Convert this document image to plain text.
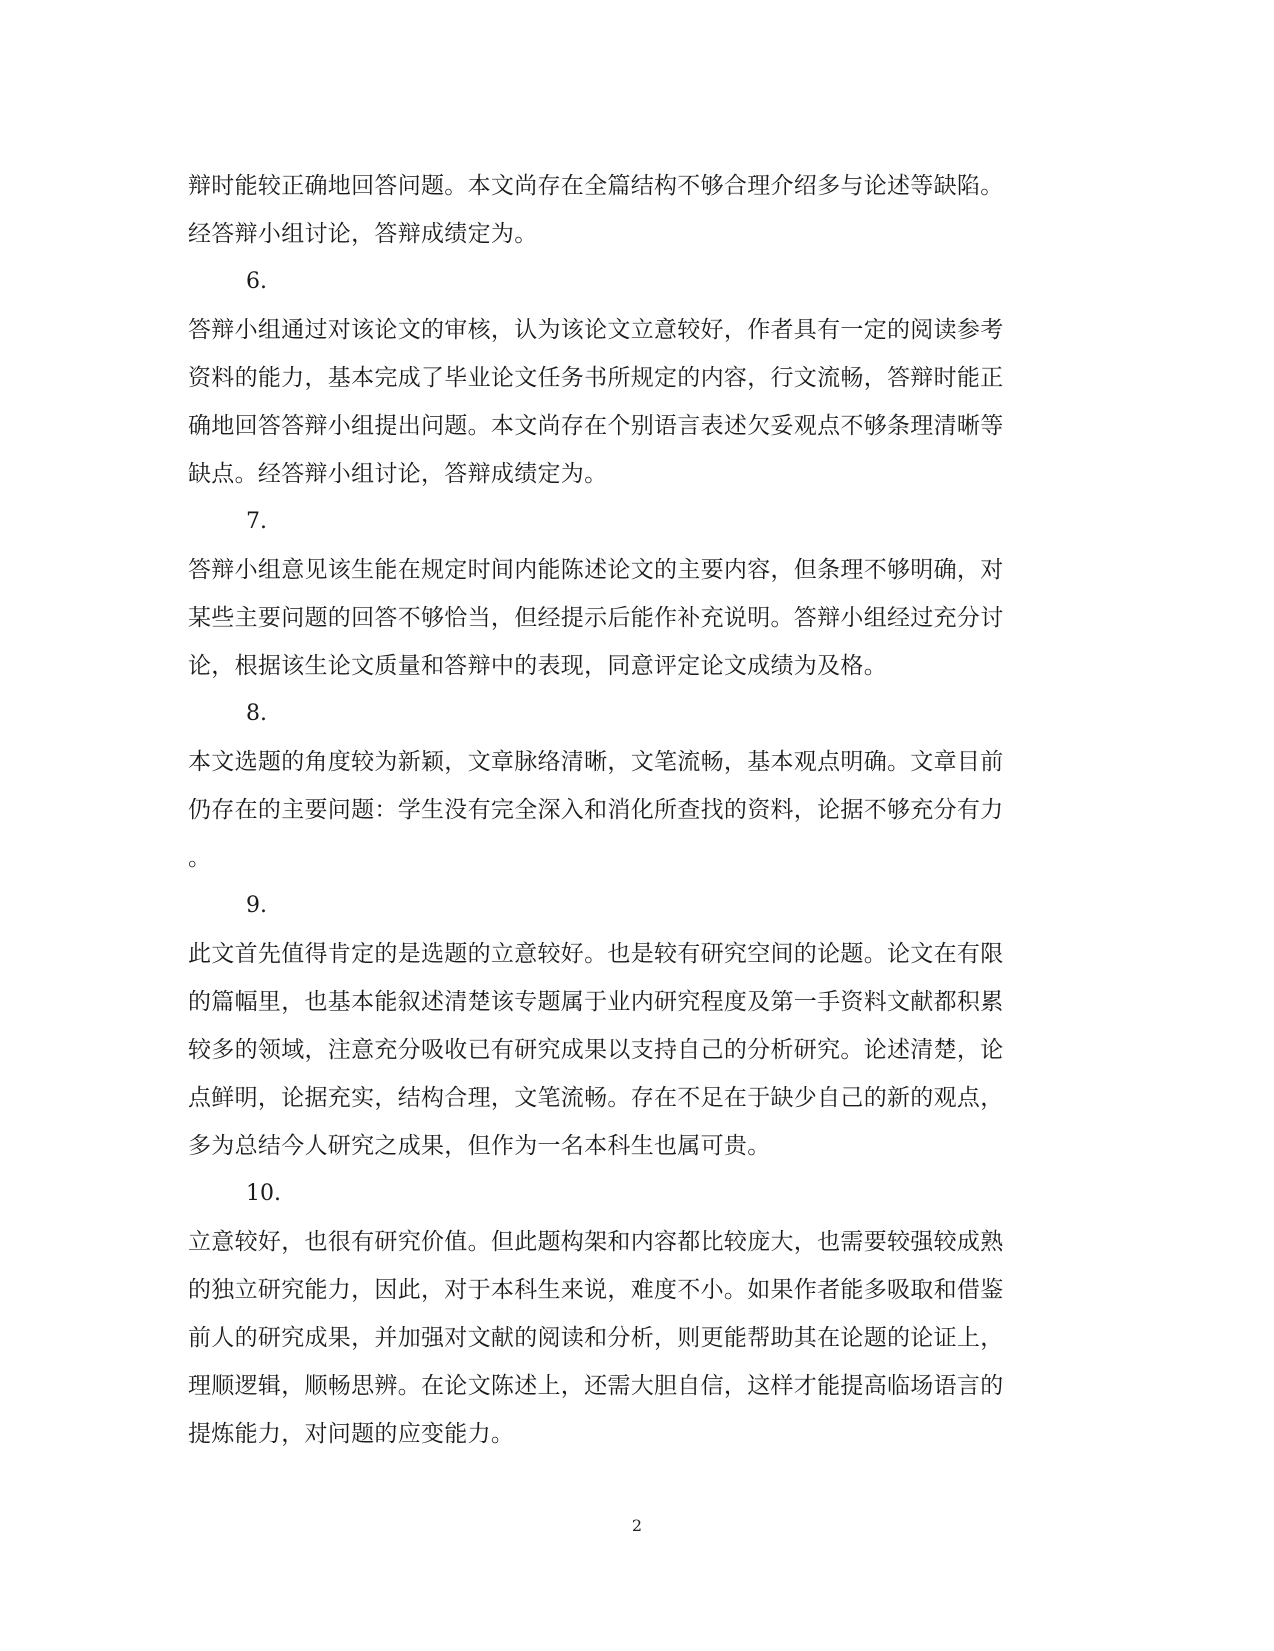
辩时能较正确地回答问题。本文尚存在全篇结构不够合理介绍多与论述等缺陷。
经答辩小组讨论，答辩成绩定为。
6.
答辩小组通过对该论文的审核，认为该论文立意较好，作者具有一定的阅读参考
资料的能力，基本完成了毕业论文任务书所规定的内容，行文流畅，答辩时能正
确地回答答辩小组提出问题。本文尚存在个别语言表述欠妥观点不够条理清晰等
缺点。经答辩小组讨论，答辩成绩定为。
7.
答辩小组意见该生能在规定时间内能陈述论文的主要内容，但条理不够明确，对
某些主要问题的回答不够恰当，但经提示后能作补充说明。答辩小组经过充分讨
论，根据该生论文质量和答辩中的表现，同意评定论文成绩为及格。
8.
本文选题的角度较为新颖，文章脉络清晰，文笔流畅，基本观点明确。文章目前
仍存在的主要问题：学生没有完全深入和消化所查找的资料，论据不够充分有力
。
9.
此文首先值得肯定的是选题的立意较好。也是较有研究空间的论题。论文在有限
的篇幅里，也基本能叙述清楚该专题属于业内研究程度及第一手资料文献都积累
较多的领域，注意充分吸收已有研究成果以支持自己的分析研究。论述清楚，论
点鲜明，论据充实，结构合理，文笔流畅。存在不足在于缺少自己的新的观点，
多为总结今人研究之成果，但作为一名本科生也属可贵。
10.
立意较好，也很有研究价值。但此题构架和内容都比较庞大，也需要较强较成熟
的独立研究能力，因此，对于本科生来说，难度不小。如果作者能多吸取和借鉴
前人的研究成果，并加强对文献的阅读和分析，则更能帮助其在论题的论证上，
理顺逻辑，顺畅思辨。在论文陈述上，还需大胆自信，这样才能提高临场语言的
提炼能力，对问题的应变能力。
2
